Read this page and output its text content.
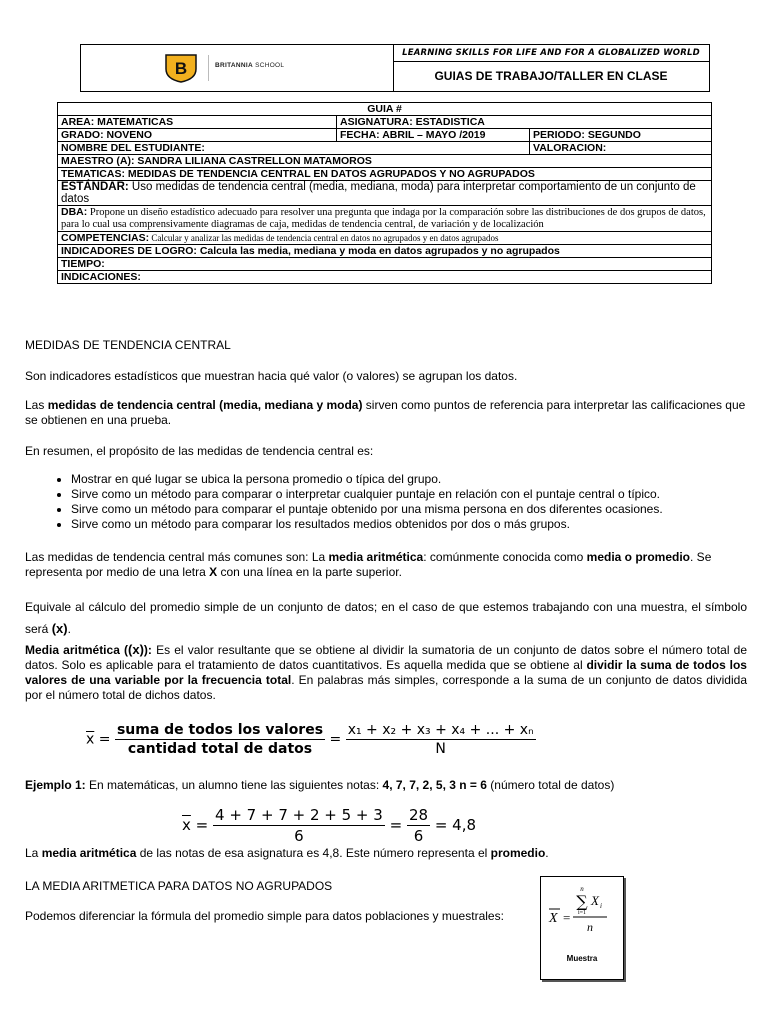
B	BRITANNIA SCHOOL
LEARNING SKILLS FOR LIFE AND FOR A GLOBALIZED WORLD
GUIAS DE TRABAJO/TALLER EN CLASE
GUIA #		
AREA: MATEMATICAS	ASIGNATURA: ESTADISTICA	
GRADO: NOVENO	FECHA: ABRIL – MAYO /2019	PERIODO: SEGUNDO
NOMBRE DEL ESTUDIANTE:		VALORACION:
MAESTRO (A): SANDRA LILIANA CASTRELLON MATAMOROS		
TEMATICAS: MEDIDAS DE TENDENCIA CENTRAL EN DATOS AGRUPADOS Y NO AGRUPADOS		
ESTÁNDAR: Uso medidas de tendencia central (media, mediana, moda) para interpretar comportamiento de un conjunto de datos		
DBA: Propone un diseño estadístico adecuado para resolver una pregunta que indaga por la comparación sobre las distribuciones de dos grupos de datos, para lo cual usa comprensivamente diagramas de caja, medidas de tendencia central, de variación y de localización		
COMPETENCIAS: Calcular y analizar las medidas de tendencia central en datos no agrupados y en datos agrupados		
INDICADORES DE LOGRO: Calcula las media, mediana y moda en datos agrupados y no agrupados		
TIEMPO:		
INDICACIONES:		
MEDIDAS DE TENDENCIA CENTRAL
Son indicadores estadísticos que muestran hacia qué valor (o valores) se agrupan los datos.
Las medidas de tendencia central (media, mediana y moda) sirven como puntos de referencia para interpretar las calificaciones que se obtienen en una prueba.
En resumen, el propósito de las medidas de tendencia central es:
• Mostrar en qué lugar se ubica la persona promedio o típica del grupo.
• Sirve como un método para comparar o interpretar cualquier puntaje en relación con el puntaje central o típico.
• Sirve como un método para comparar el puntaje obtenido por una misma persona en dos diferentes ocasiones.
• Sirve como un método para comparar los resultados medios obtenidos por dos o más grupos.
Las medidas de tendencia central más comunes son: La media aritmética: comúnmente conocida como media o promedio. Se representa por medio de una letra X con una línea en la parte superior.
Equivale al cálculo del promedio simple de un conjunto de datos; en el caso de que estemos trabajando con una muestra, el símbolo será (x).
Media aritmética ((x)): Es el valor resultante que se obtiene al dividir la sumatoria de un conjunto de datos sobre el número total de datos. Solo es aplicable para el tratamiento de datos cuantitativos. Es aquella medida que se obtiene al dividir la suma de todos los valores de una variable por la frecuencia total. En palabras más simples, corresponde a la suma de un conjunto de datos dividida por el número total de dichos datos.
$\overline{x} = \frac{\text{suma de todos los valores}}{\text{cantidad total de datos}} = \frac{\text{x₁ + x₂ + x₃ + x₄ + ... + xₙ}}{N}$
Ejemplo 1: En matemáticas, un alumno tiene las siguientes notas: 4, 7, 7, 2, 5, 3 n = 6 (número total de datos)
$\overline{x} = \frac{4 + 7 + 7 + 2 + 5 + 3}{6} = \frac{28}{6} = 4,8$
La media aritmética de las notas de esa asignatura es 4,8. Este número representa el promedio.
LA MEDIA ARITMETICA PARA DATOS NO AGRUPADOS
Podemos diferenciar la fórmula del promedio simple para datos poblaciones y muestrales:	X =
n
∑
i=1
X i
n
Muestra
